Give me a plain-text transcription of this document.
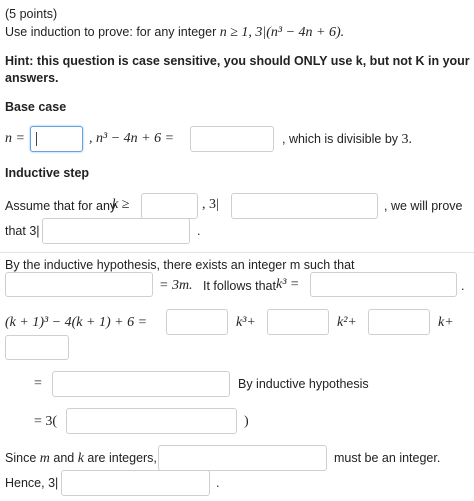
(5 points)
Use induction to prove: for any integer n ≥ 1, 3|(n³ − 4n + 6).
Hint: this question is case sensitive, you should ONLY use k, but not K in your
answers.
Base case
n =	, n³ − 4n + 6 =	, which is divisible by 3.
Inductive step
Assume that for any
k ≥	, 3|	, we will prove
that 3|	.
By the inductive hypothesis, there exists an integer m such that
= 3m. It follows that k³ =	.
(k + 1)³ − 4(k + 1) + 6 =	k³+	k²+	k+
=	By inductive hypothesis
= 3(	)
Since m and k are integers,	must be an integer.
Hence, 3|	.
